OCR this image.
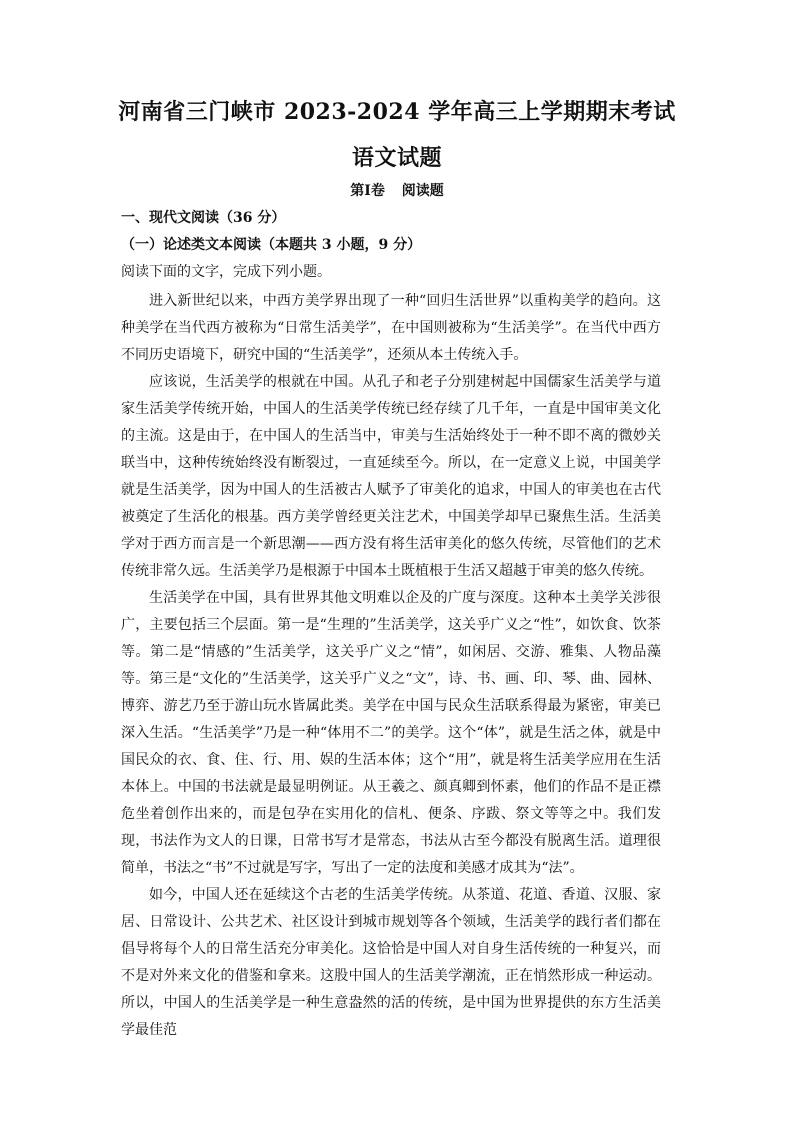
河南省三门峡市 2023-2024 学年高三上学期期末考试
语文试题
第Ⅰ卷 阅读题
一、现代文阅读（36 分）
（一）论述类文本阅读（本题共 3 小题，9 分）
阅读下面的文字，完成下列小题。

进入新世纪以来，中西方美学界出现了一种“回归生活世界”以重构美学的趋向。这种美学在当代西方被称为“日常生活美学”，在中国则被称为“生活美学”。在当代中西方不同历史语境下，研究中国的“生活美学”，还须从本土传统入手。

应该说，生活美学的根就在中国。从孔子和老子分别建树起中国儒家生活美学与道家生活美学传统开始，中国人的生活美学传统已经存续了几千年，一直是中国审美文化的主流。这是由于，在中国人的生活当中，审美与生活始终处于一种不即不离的微妙关联当中，这种传统始终没有断裂过，一直延续至今。所以，在一定意义上说，中国美学就是生活美学，因为中国人的生活被古人赋予了审美化的追求，中国人的审美也在古代被奠定了生活化的根基。西方美学曾经更关注艺术，中国美学却早已聚焦生活。生活美学对于西方而言是一个新思潮——西方没有将生活审美化的悠久传统，尽管他们的艺术传统非常久远。生活美学乃是根源于中国本土既植根于生活又超越于审美的悠久传统。

生活美学在中国，具有世界其他文明难以企及的广度与深度。这种本土美学关涉很广，主要包括三个层面。第一是“生理的”生活美学，这关乎广义之“性”，如饮食、饮茶等。第二是“情感的”生活美学，这关乎广义之“情”，如闲居、交游、雅集、人物品藻等。第三是“文化的”生活美学，这关乎广义之“文”，诗、书、画、印、琴、曲、园林、博弈、游艺乃至于游山玩水皆属此类。美学在中国与民众生活联系得最为紧密，审美已深入生活。“生活美学”乃是一种“体用不二”的美学。这个“体”，就是生活之体，就是中国民众的衣、食、住、行、用、娱的生活本体；这个“用”，就是将生活美学应用在生活本体上。中国的书法就是最显明例证。从王羲之、颜真卿到怀素，他们的作品不是正襟危坐着创作出来的，而是包孕在实用化的信札、便条、序跋、祭文等等之中。我们发现，书法作为文人的日课，日常书写才是常态，书法从古至今都没有脱离生活。道理很简单，书法之“书”不过就是写字，写出了一定的法度和美感才成其为“法”。

如今，中国人还在延续这个古老的生活美学传统。从茶道、花道、香道、汉服、家居、日常设计、公共艺术、社区设计到城市规划等各个领域，生活美学的践行者们都在倡导将每个人的日常生活充分审美化。这恰恰是中国人对自身生活传统的一种复兴，而不是对外来文化的借鉴和拿来。这股中国人的生活美学潮流，正在悄然形成一种运动。所以，中国人的生活美学是一种生意盎然的活的传统，是中国为世界提供的东方生活美学最佳范
